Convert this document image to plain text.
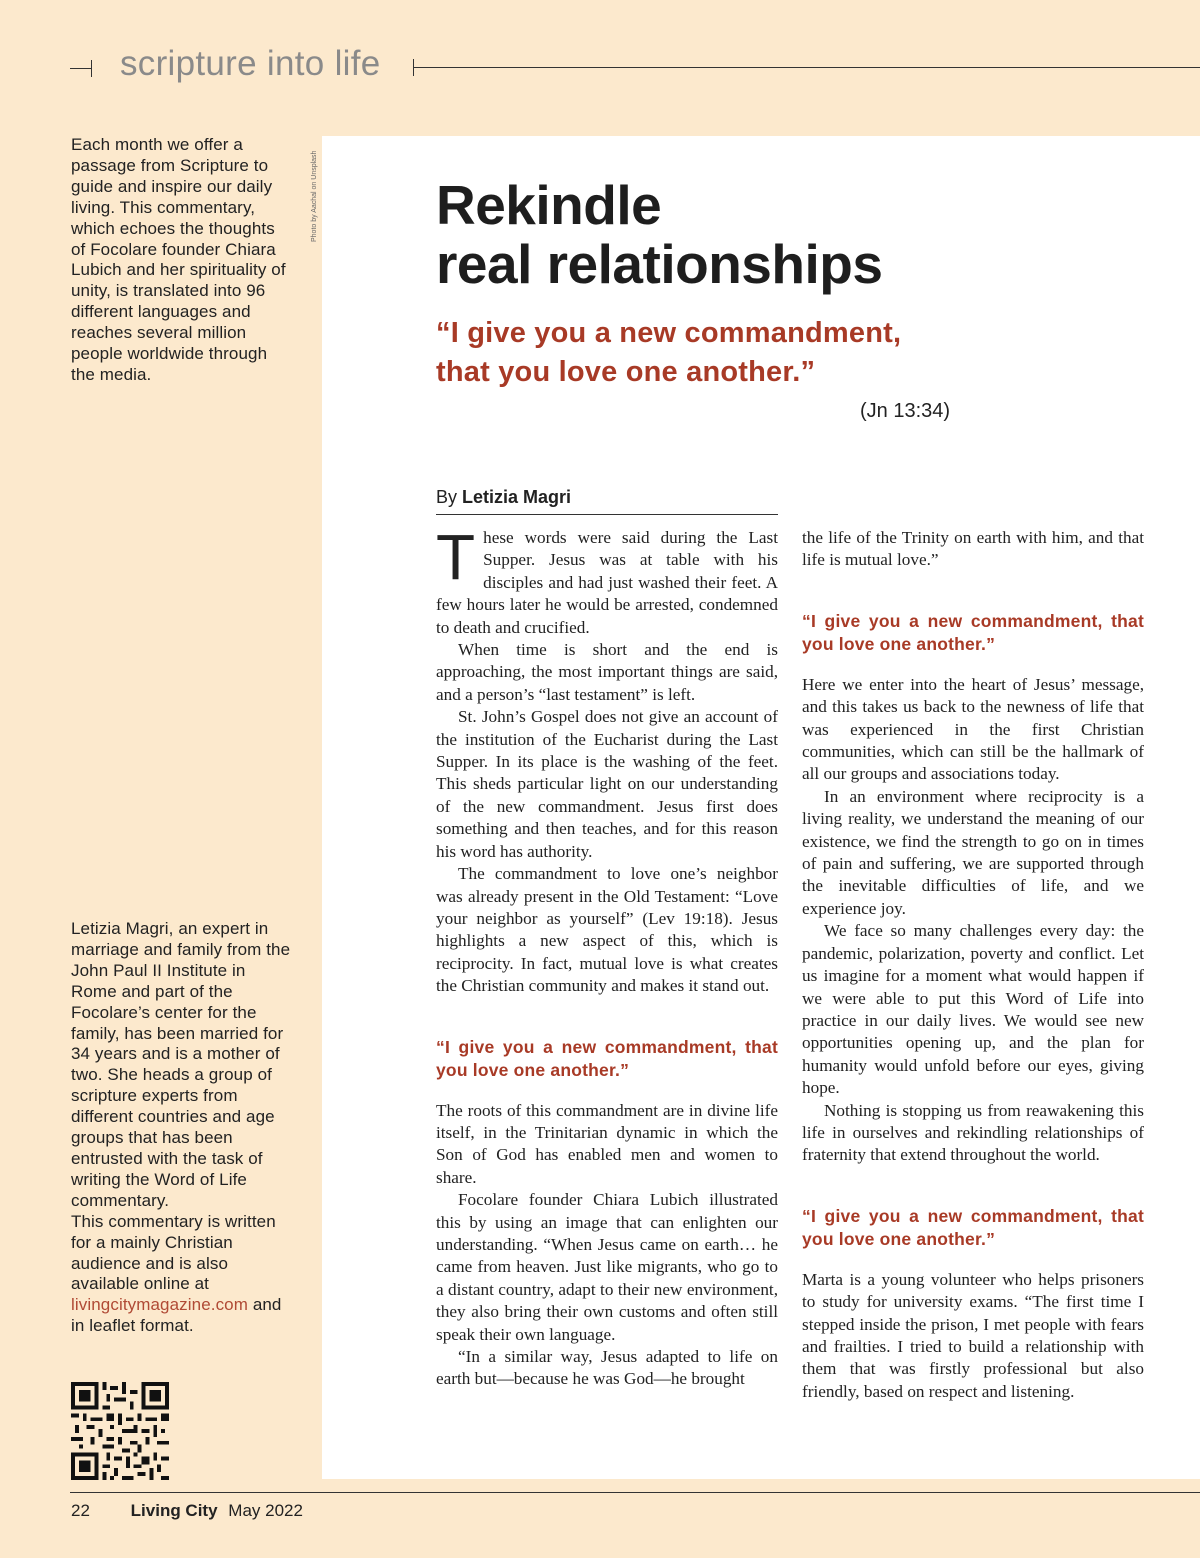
scripture into life
Each month we offer a passage from Scripture to guide and inspire our daily living. This commentary, which echoes the thoughts of Focolare founder Chiara Lubich and her spirituality of unity, is translated into 96 different languages and reaches several million people worldwide through the media.
Photo by Aachal on Unsplash
Letizia Magri, an expert in marriage and family from the John Paul II Institute in Rome and part of the Focolare’s center for the family, has been married for 34 years and is a mother of two. She heads a group of scripture experts from different countries and age groups that has been entrusted with the task of writing the Word of Life commentary.
This commentary is written for a mainly Christian audience and is also available online at livingcitymagazine.com and in leaflet format.
Rekindle
real relationships
“I give you a new commandment,
that you love one another.”
(Jn 13:34)
By Letizia Magri

These words were said during the Last Supper. Jesus was at table with his disciples and had just washed their feet. A few hours later he would be arrested, condemned to death and crucified.

When time is short and the end is approaching, the most important things are said, and a person’s “last testament” is left.

St. John’s Gospel does not give an account of the institution of the Eucharist during the Last Supper. In its place is the washing of the feet. This sheds particular light on our understanding of the new commandment. Jesus first does something and then teaches, and for this reason his word has authority.

The commandment to love one’s neighbor was already present in the Old Testament: “Love your neighbor as yourself” (Lev 19:18). Jesus highlights a new aspect of this, which is reciprocity. In fact, mutual love is what creates the Christian community and makes it stand out.

“I give you a new commandment, that you love one another.”

The roots of this commandment are in divine life itself, in the Trinitarian dynamic in which the Son of God has enabled men and women to share.

Focolare founder Chiara Lubich illustrated this by using an image that can enlighten our understanding. “When Jesus came on earth… he came from heaven. Just like migrants, who go to a distant country, adapt to their new environment, they also bring their own customs and often still speak their own language.

“In a similar way, Jesus adapted to life on earth but—because he was God—he brought

the life of the Trinity on earth with him, and that life is mutual love.”

“I give you a new commandment, that you love one another.”

Here we enter into the heart of Jesus’ message, and this takes us back to the newness of life that was experienced in the first Christian communities, which can still be the hallmark of all our groups and associations today.

In an environment where reciprocity is a living reality, we understand the meaning of our existence, we find the strength to go on in times of pain and suffering, we are supported through the inevitable difficulties of life, and we experience joy.

We face so many challenges every day: the pandemic, polarization, poverty and conflict. Let us imagine for a moment what would happen if we were able to put this Word of Life into practice in our daily lives. We would see new opportunities opening up, and the plan for humanity would unfold before our eyes, giving hope.

Nothing is stopping us from reawakening this life in ourselves and rekindling relationships of fraternity that extend throughout the world.

“I give you a new commandment, that you love one another.”

Marta is a young volunteer who helps prisoners to study for university exams. “The first time I stepped inside the prison, I met people with fears and frailties. I tried to build a relationship with them that was firstly professional but also friendly, based on respect and listening.

22 Living City May 2022
